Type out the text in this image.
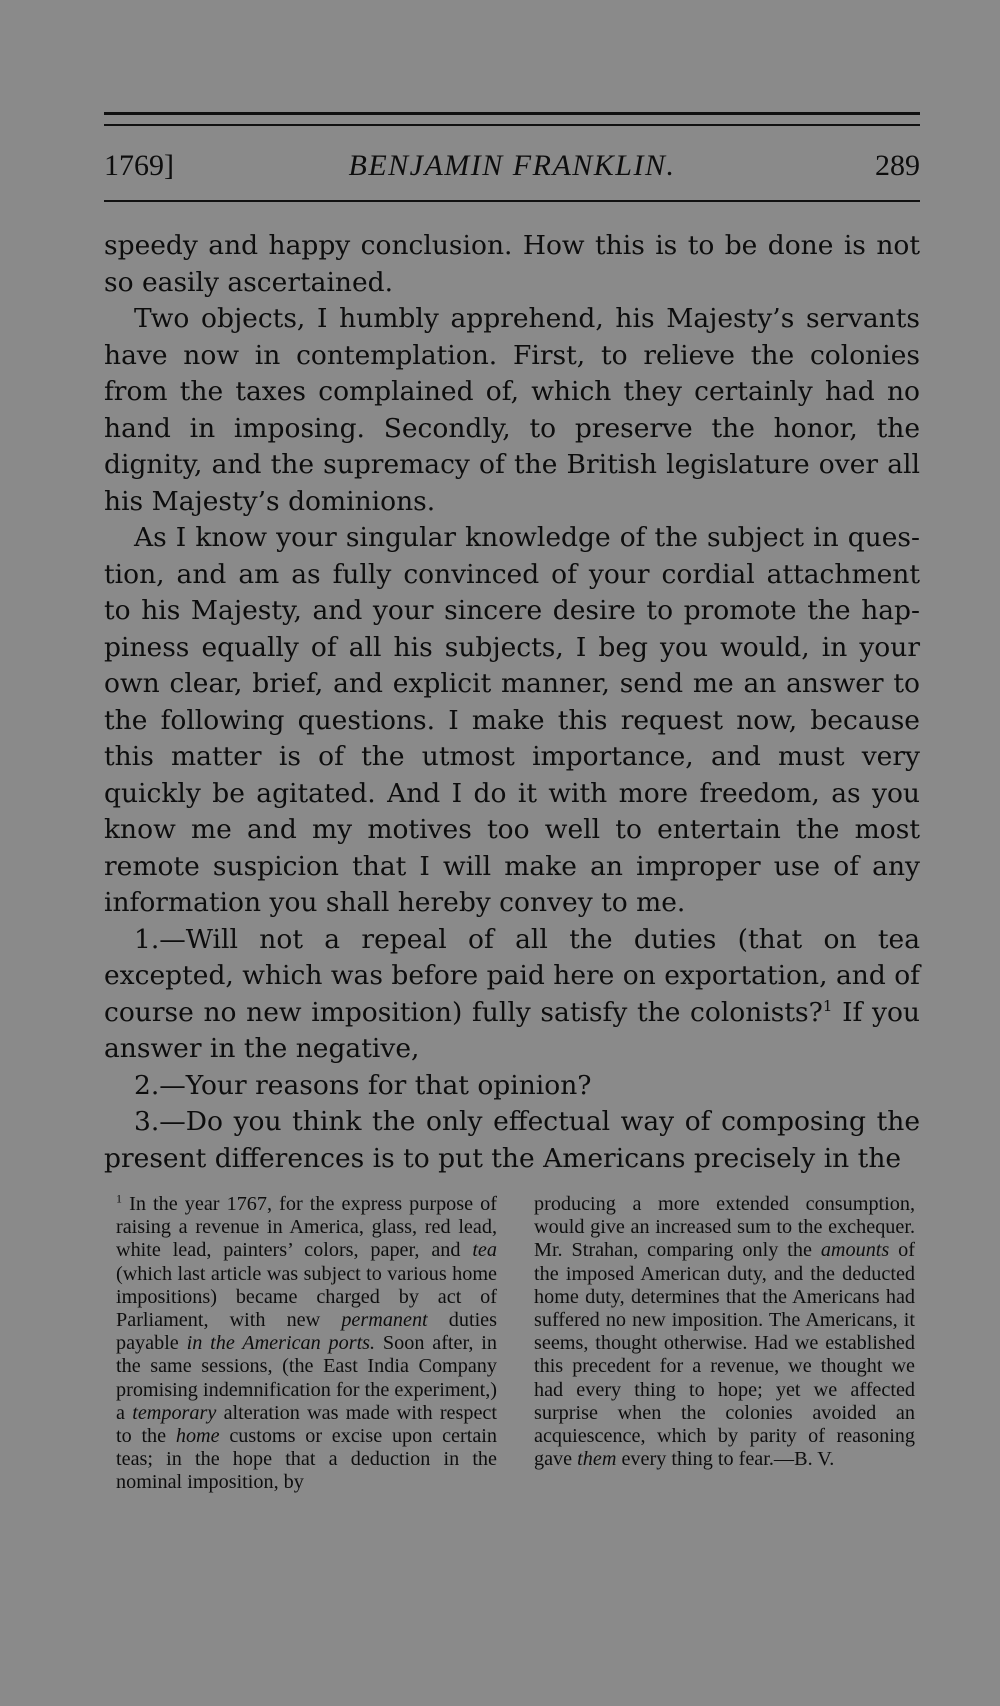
1769]	BENJAMIN FRANKLIN.	289

speedy and happy conclusion. How this is to be done is not so easily ascertained.

Two objects, I humbly apprehend, his Majesty’s servants have now in contemplation. First, to relieve the colonies from the taxes complained of, which they certainly had no hand in imposing. Secondly, to preserve the honor, the dignity, and the supremacy of the British legislature over all his Majesty’s dominions.

As I know your singular knowledge of the subject in question, and am as fully convinced of your cordial attachment to his Majesty, and your sincere desire to promote the happiness equally of all his subjects, I beg you would, in your own clear, brief, and explicit manner, send me an answer to the following questions. I make this request now, because this matter is of the utmost importance, and must very quickly be agitated. And I do it with more freedom, as you know me and my motives too well to entertain the most remote suspicion that I will make an improper use of any information you shall hereby convey to me.

1.—Will not a repeal of all the duties (that on tea excepted, which was before paid here on exportation, and of course no new imposition) fully satisfy the colonists?$^1$ If you answer in the negative,

2.—Your reasons for that opinion?

3.—Do you think the only effectual way of composing the present differences is to put the Americans precisely in the

$^1$ In the year 1767, for the express purpose of raising a revenue in America, glass, red lead, white lead, painters’ colors, paper, and tea (which last article was subject to various home impositions) became charged by act of Parliament, with new permanent duties payable in the American ports. Soon after, in the same sessions, (the East India Company promising indemnification for the experiment,) a temporary alteration was made with respect to the home customs or excise upon certain teas; in the hope that a deduction in the nominal imposition, by

producing a more extended consumption, would give an increased sum to the exchequer. Mr. Strahan, comparing only the amounts of the imposed American duty, and the deducted home duty, determines that the Americans had suffered no new imposition. The Americans, it seems, thought otherwise. Had we established this precedent for a revenue, we thought we had every thing to hope; yet we affected surprise when the colonies avoided an acquiescence, which by parity of reasoning gave them every thing to fear.—B. V.
